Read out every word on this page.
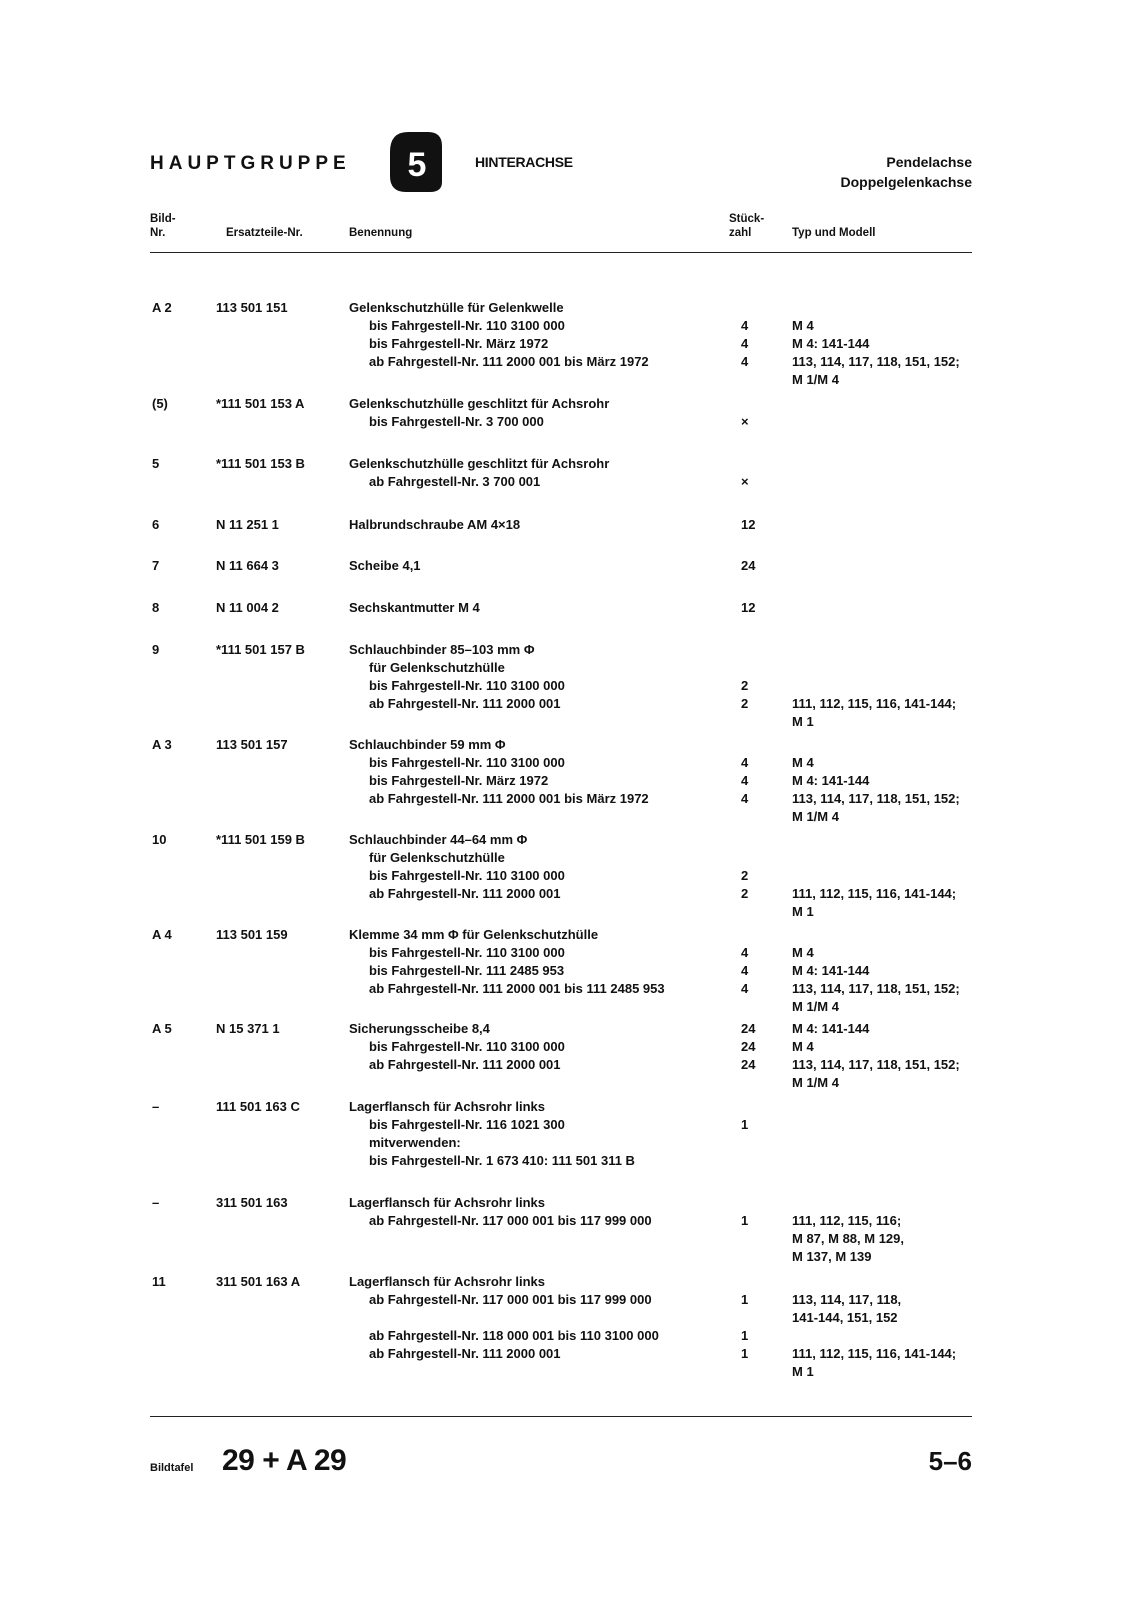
HAUPTGRUPPE 5	HINTERACHSE	Pendelachse
Doppelgelenkachse
Bild-
Nr.	Ersatzteile-Nr.	Benennung
Stück-
zahl	Typ und Modell
A 2	113 501 151	Gelenkschutzhülle für Gelenkwelle
bis Fahrgestell-Nr. 110 3100 000	4	M 4
bis Fahrgestell-Nr. März 1972	4	M 4: 141-144
ab Fahrgestell-Nr. 111 2000 001 bis März 1972	4	113, 114, 117, 118, 151, 152;
M 1/M 4
(5)	*111 501 153 A	Gelenkschutzhülle geschlitzt für Achsrohr
bis Fahrgestell-Nr. 3 700 000	×
5	*111 501 153 B	Gelenkschutzhülle geschlitzt für Achsrohr
ab Fahrgestell-Nr. 3 700 001	×
6	N 11 251 1	Halbrundschraube AM 4×18	12
7	N 11 664 3	Scheibe 4,1	24
8	N 11 004 2	Sechskantmutter M 4	12
9	*111 501 157 B	Schlauchbinder 85–103 mm Φ
für Gelenkschutzhülle
bis Fahrgestell-Nr. 110 3100 000	2
ab Fahrgestell-Nr. 111 2000 001	2	111, 112, 115, 116, 141-144;
M 1
A 3	113 501 157	Schlauchbinder 59 mm Φ
bis Fahrgestell-Nr. 110 3100 000	4	M 4
bis Fahrgestell-Nr. März 1972	4	M 4: 141-144
ab Fahrgestell-Nr. 111 2000 001 bis März 1972	4	113, 114, 117, 118, 151, 152;
M 1/M 4
10	*111 501 159 B	Schlauchbinder 44–64 mm Φ
für Gelenkschutzhülle
bis Fahrgestell-Nr. 110 3100 000	2
ab Fahrgestell-Nr. 111 2000 001	2	111, 112, 115, 116, 141-144;
M 1
A 4	113 501 159	Klemme 34 mm Φ für Gelenkschutzhülle
bis Fahrgestell-Nr. 110 3100 000	4	M 4
bis Fahrgestell-Nr. 111 2485 953	4	M 4: 141-144
ab Fahrgestell-Nr. 111 2000 001 bis 111 2485 953	4	113, 114, 117, 118, 151, 152;
M 1/M 4
A 5	N 15 371 1	Sicherungsscheibe 8,4	24	M 4: 141-144
bis Fahrgestell-Nr. 110 3100 000	24	M 4
ab Fahrgestell-Nr. 111 2000 001	24	113, 114, 117, 118, 151, 152;
M 1/M 4
–	111 501 163 C	Lagerflansch für Achsrohr links
bis Fahrgestell-Nr. 116 1021 300	1
mitverwenden:
bis Fahrgestell-Nr. 1 673 410: 111 501 311 B
–	311 501 163	Lagerflansch für Achsrohr links
ab Fahrgestell-Nr. 117 000 001 bis 117 999 000	1	111, 112, 115, 116;
M 87, M 88, M 129,
M 137, M 139
11	311 501 163 A	Lagerflansch für Achsrohr links
ab Fahrgestell-Nr. 117 000 001 bis 117 999 000	1	113, 114, 117, 118,
141-144, 151, 152
ab Fahrgestell-Nr. 118 000 001 bis 110 3100 000	1
ab Fahrgestell-Nr. 111 2000 001	1	111, 112, 115, 116, 141-144;
M 1
Bildtafel 29 + A 29	5–6
